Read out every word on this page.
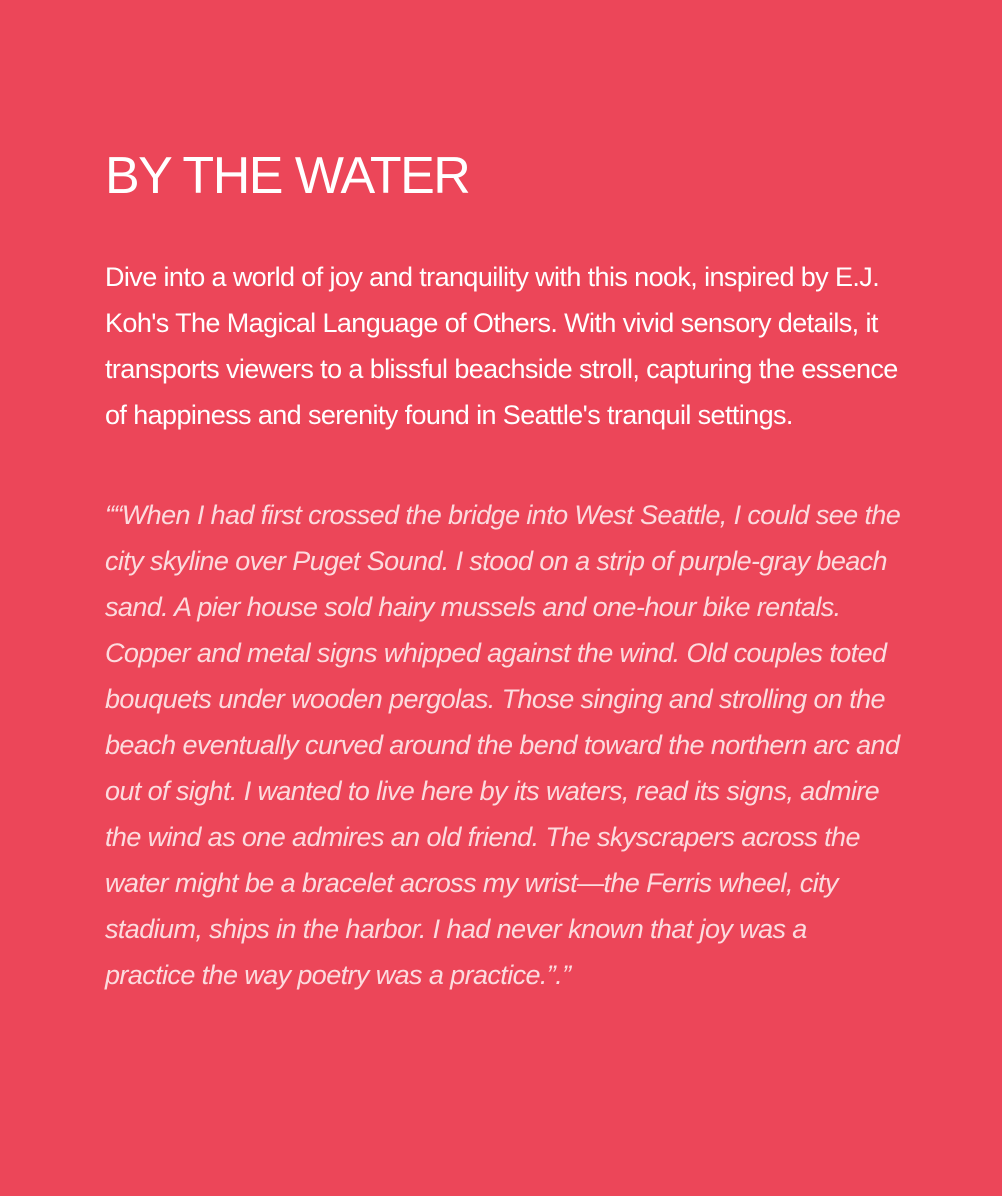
BY THE WATER

Dive into a world of joy and tranquility with this nook, inspired by E.J. Koh's The Magical Language of Others. With vivid sensory details, it transports viewers to a blissful beachside stroll, capturing the essence of happiness and serenity found in Seattle's tranquil settings.

““When I had first crossed the bridge into West Seattle, I could see the city skyline over Puget Sound. I stood on a strip of purple-gray beach sand. A pier house sold hairy mussels and one-hour bike rentals. Copper and metal signs whipped against the wind. Old couples toted bouquets under wooden pergolas. Those singing and strolling on the beach eventually curved around the bend toward the northern arc and out of sight. I wanted to live here by its waters, read its signs, admire the wind as one admires an old friend. The skyscrapers across the water might be a bracelet across my wrist—the Ferris wheel, city stadium, ships in the harbor. I had never known that joy was a practice the way poetry was a practice.”.”
